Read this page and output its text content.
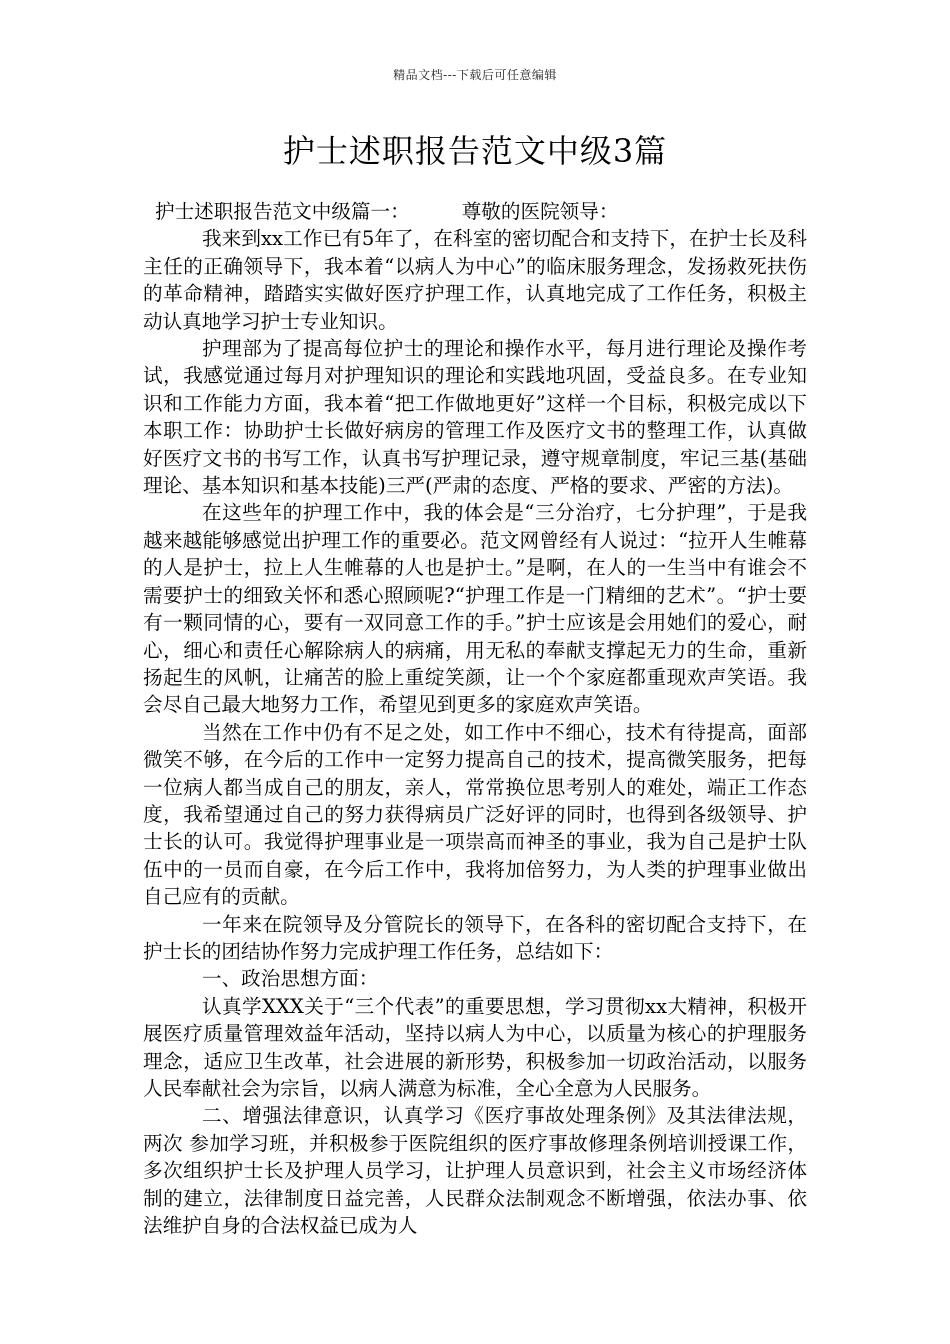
精品文档---下载后可任意编辑
护士述职报告范文中级3篇

护士述职报告范文中级篇一：	尊敬的医院领导：

我来到xx工作已有5年了，在科室的密切配合和支持下，在护士长及科主任的正确领导下，我本着“以病人为中心”的临床服务理念，发扬救死扶伤的革命精神，踏踏实实做好医疗护理工作，认真地完成了工作任务，积极主动认真地学习护士专业知识。

护理部为了提高每位护士的理论和操作水平，每月进行理论及操作考试，我感觉通过每月对护理知识的理论和实践地巩固，受益良多。在专业知识和工作能力方面，我本着“把工作做地更好”这样一个目标，积极完成以下本职工作：协助护士长做好病房的管理工作及医疗文书的整理工作，认真做好医疗文书的书写工作，认真书写护理记录，遵守规章制度，牢记三基(基础理论、基本知识和基本技能)三严(严肃的态度、严格的要求、严密的方法)。

在这些年的护理工作中，我的体会是“三分治疗，七分护理”，于是我越来越能够感觉出护理工作的重要必。范文网曾经有人说过：“拉开人生帷幕的人是护士，拉上人生帷幕的人也是护士。”是啊，在人的一生当中有谁会不需要护士的细致关怀和悉心照顾呢?“护理工作是一门精细的艺术”。“护士要有一颗同情的心，要有一双同意工作的手。”护士应该是会用她们的爱心，耐心，细心和责任心解除病人的病痛，用无私的奉献支撑起无力的生命，重新扬起生的风帆，让痛苦的脸上重绽笑颜，让一个个家庭都重现欢声笑语。我会尽自己最大地努力工作，希望见到更多的家庭欢声笑语。

当然在工作中仍有不足之处，如工作中不细心，技术有待提高，面部微笑不够，在今后的工作中一定努力提高自己的技术，提高微笑服务，把每一位病人都当成自己的朋友，亲人，常常换位思考别人的难处，端正工作态度，我希望通过自己的努力获得病员广泛好评的同时，也得到各级领导、护士长的认可。我觉得护理事业是一项崇高而神圣的事业，我为自己是护士队伍中的一员而自豪，在今后工作中，我将加倍努力，为人类的护理事业做出自己应有的贡献。

一年来在院领导及分管院长的领导下，在各科的密切配合支持下，在护士长的团结协作努力完成护理工作任务，总结如下：

一、政治思想方面：

认真学XXX关于“三个代表”的重要思想，学习贯彻xx大精神，积极开展医疗质量管理效益年活动，坚持以病人为中心，以质量为核心的护理服务理念，适应卫生改革，社会进展的新形势，积极参加一切政治活动，以服务人民奉献社会为宗旨，以病人满意为标准，全心全意为人民服务。

二、增强法律意识，认真学习《医疗事故处理条例》及其法律法规，两次 参加学习班，并积极参于医院组织的医疗事故修理条例培训授课工作，多次组织护士长及护理人员学习，让护理人员意识到，社会主义市场经济体制的建立，法律制度日益完善，人民群众法制观念不断增强，依法办事、依法维护自身的合法权益已成为人
